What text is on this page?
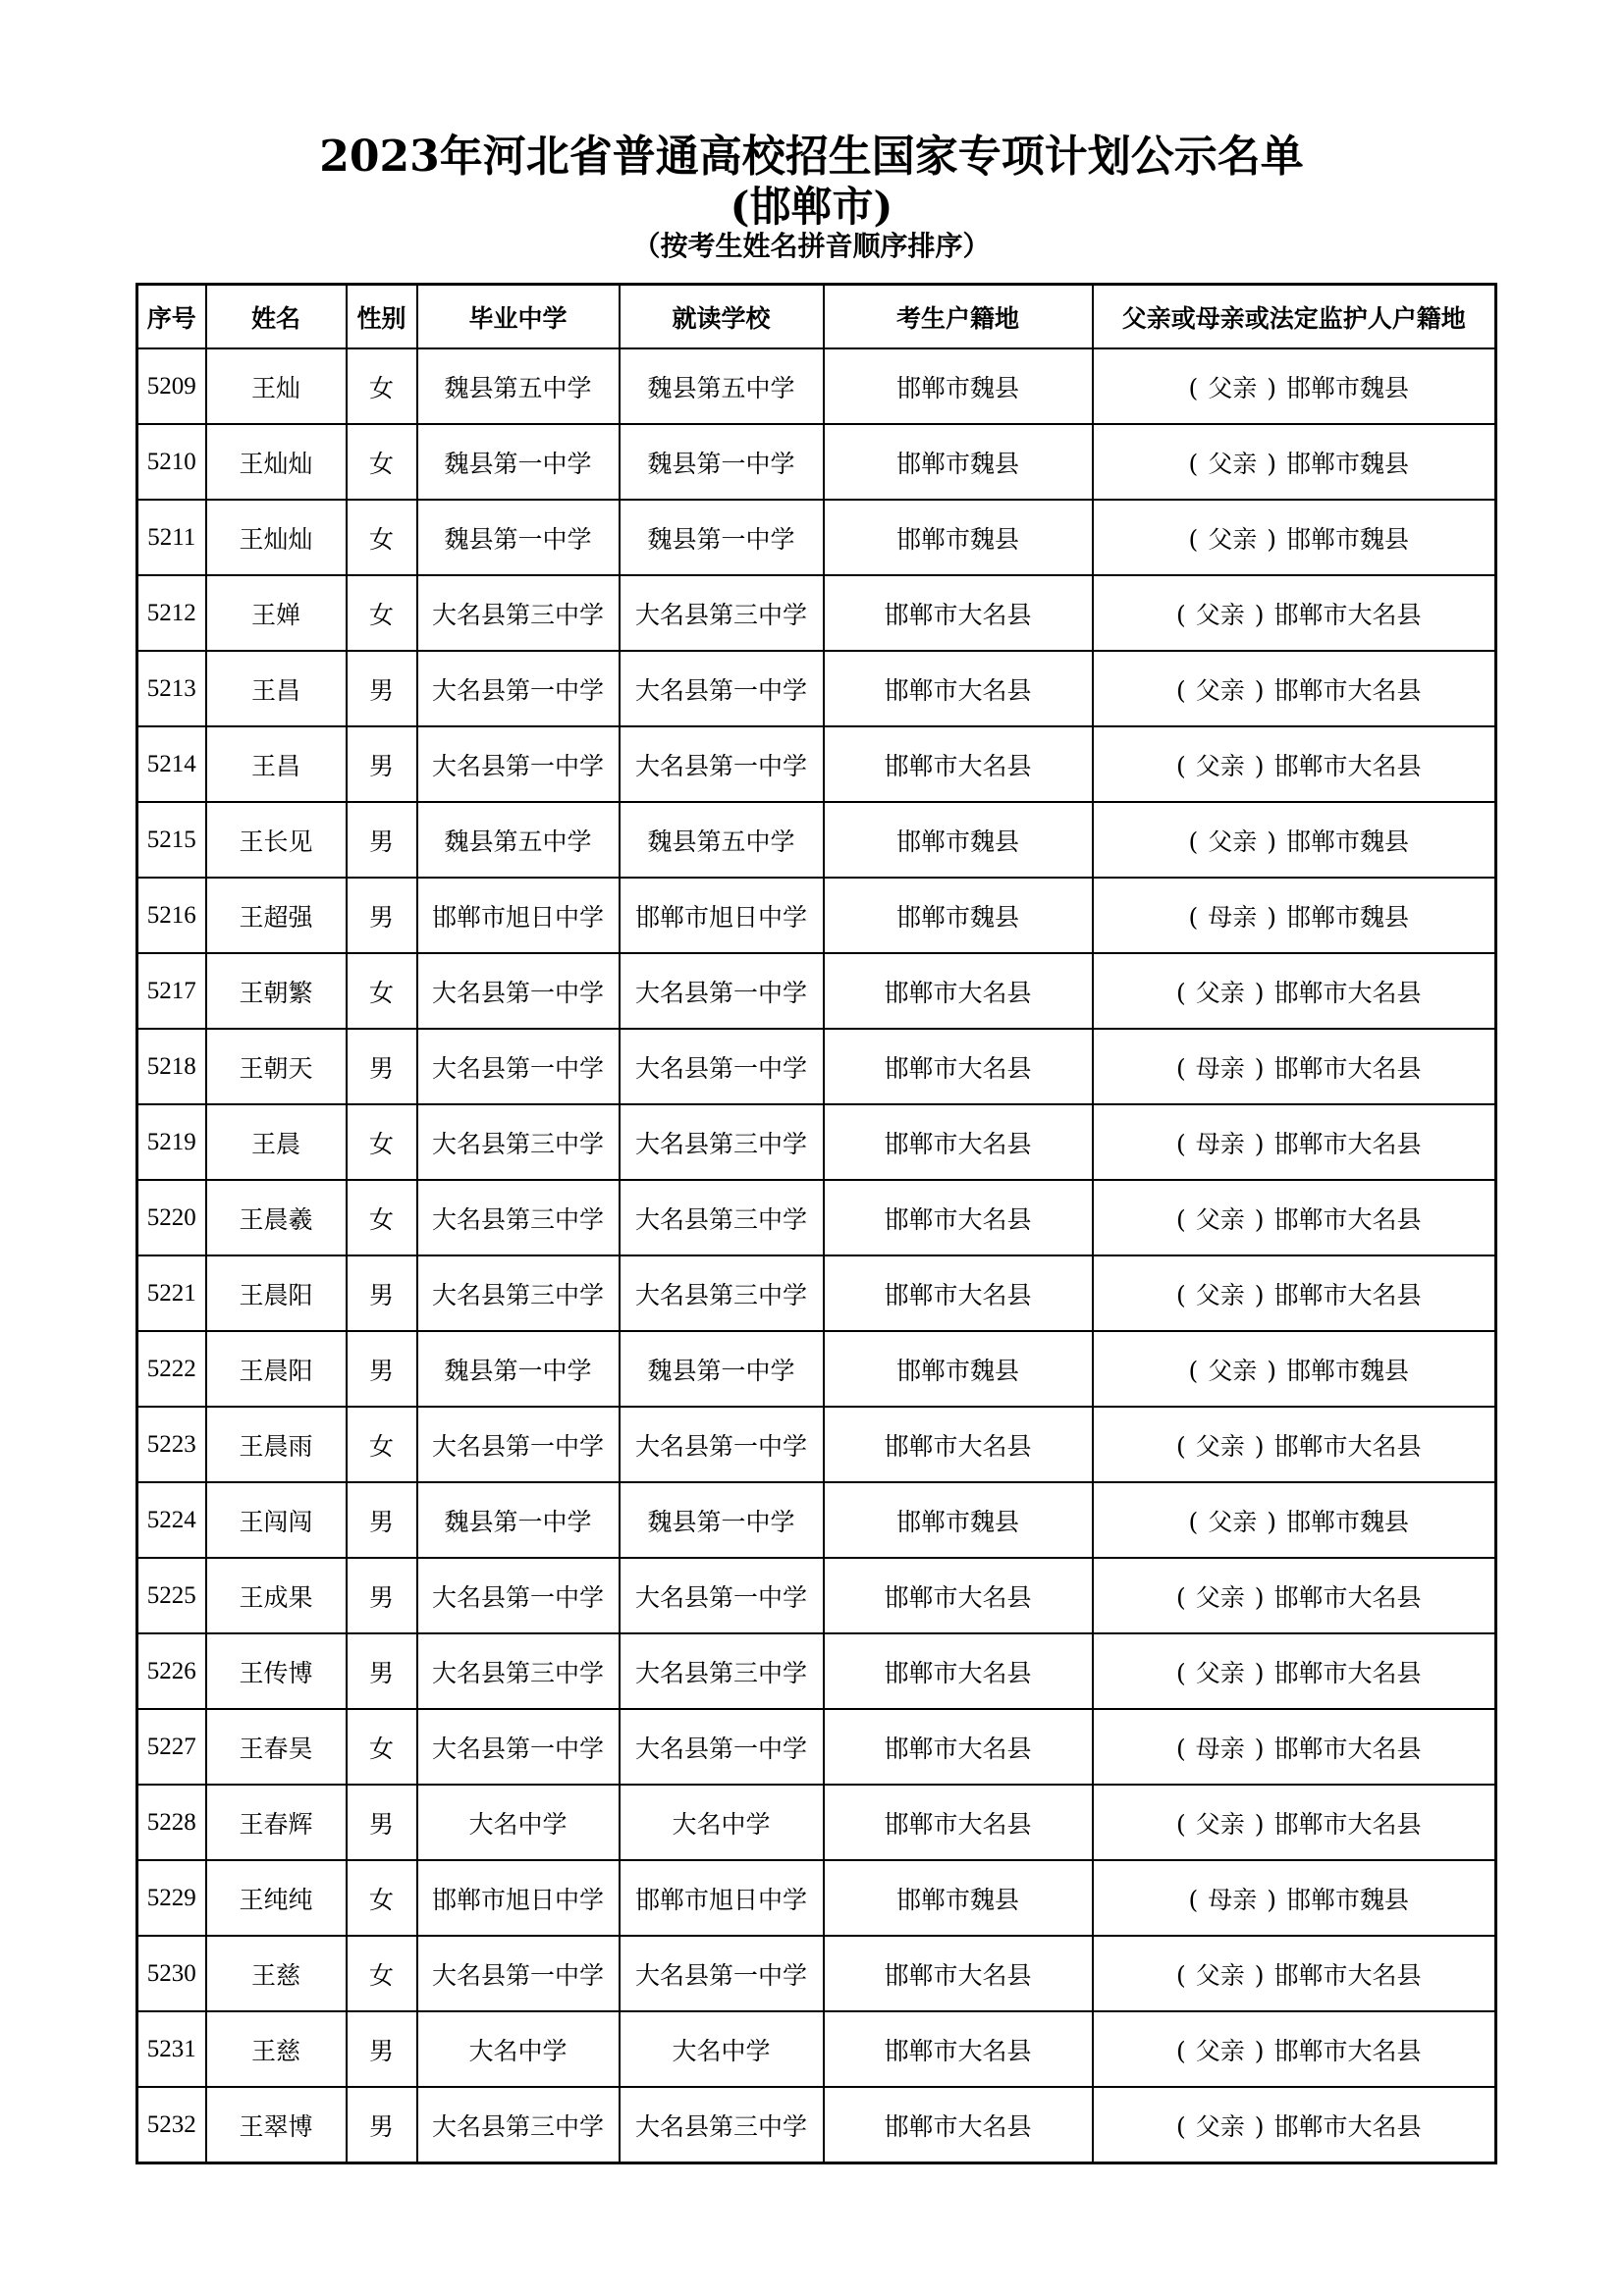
2023年河北省普通高校招生国家专项计划公示名单
(邯郸市)
（按考生姓名拼音顺序排序）
序号	姓名	性别	毕业中学	就读学校	考生户籍地	父亲或母亲或法定监护人户籍地
5209	王灿	女	魏县第五中学	魏县第五中学	邯郸市魏县	( 父亲 ) 邯郸市魏县
5210	王灿灿	女	魏县第一中学	魏县第一中学	邯郸市魏县	( 父亲 ) 邯郸市魏县
5211	王灿灿	女	魏县第一中学	魏县第一中学	邯郸市魏县	( 父亲 ) 邯郸市魏县
5212	王婵	女	大名县第三中学	大名县第三中学	邯郸市大名县	( 父亲 ) 邯郸市大名县
5213	王昌	男	大名县第一中学	大名县第一中学	邯郸市大名县	( 父亲 ) 邯郸市大名县
5214	王昌	男	大名县第一中学	大名县第一中学	邯郸市大名县	( 父亲 ) 邯郸市大名县
5215	王长见	男	魏县第五中学	魏县第五中学	邯郸市魏县	( 父亲 ) 邯郸市魏县
5216	王超强	男	邯郸市旭日中学	邯郸市旭日中学	邯郸市魏县	( 母亲 ) 邯郸市魏县
5217	王朝繁	女	大名县第一中学	大名县第一中学	邯郸市大名县	( 父亲 ) 邯郸市大名县
5218	王朝天	男	大名县第一中学	大名县第一中学	邯郸市大名县	( 母亲 ) 邯郸市大名县
5219	王晨	女	大名县第三中学	大名县第三中学	邯郸市大名县	( 母亲 ) 邯郸市大名县
5220	王晨羲	女	大名县第三中学	大名县第三中学	邯郸市大名县	( 父亲 ) 邯郸市大名县
5221	王晨阳	男	大名县第三中学	大名县第三中学	邯郸市大名县	( 父亲 ) 邯郸市大名县
5222	王晨阳	男	魏县第一中学	魏县第一中学	邯郸市魏县	( 父亲 ) 邯郸市魏县
5223	王晨雨	女	大名县第一中学	大名县第一中学	邯郸市大名县	( 父亲 ) 邯郸市大名县
5224	王闯闯	男	魏县第一中学	魏县第一中学	邯郸市魏县	( 父亲 ) 邯郸市魏县
5225	王成果	男	大名县第一中学	大名县第一中学	邯郸市大名县	( 父亲 ) 邯郸市大名县
5226	王传博	男	大名县第三中学	大名县第三中学	邯郸市大名县	( 父亲 ) 邯郸市大名县
5227	王春昊	女	大名县第一中学	大名县第一中学	邯郸市大名县	( 母亲 ) 邯郸市大名县
5228	王春辉	男	大名中学	大名中学	邯郸市大名县	( 父亲 ) 邯郸市大名县
5229	王纯纯	女	邯郸市旭日中学	邯郸市旭日中学	邯郸市魏县	( 母亲 ) 邯郸市魏县
5230	王慈	女	大名县第一中学	大名县第一中学	邯郸市大名县	( 父亲 ) 邯郸市大名县
5231	王慈	男	大名中学	大名中学	邯郸市大名县	( 父亲 ) 邯郸市大名县
5232	王翠博	男	大名县第三中学	大名县第三中学	邯郸市大名县	( 父亲 ) 邯郸市大名县
